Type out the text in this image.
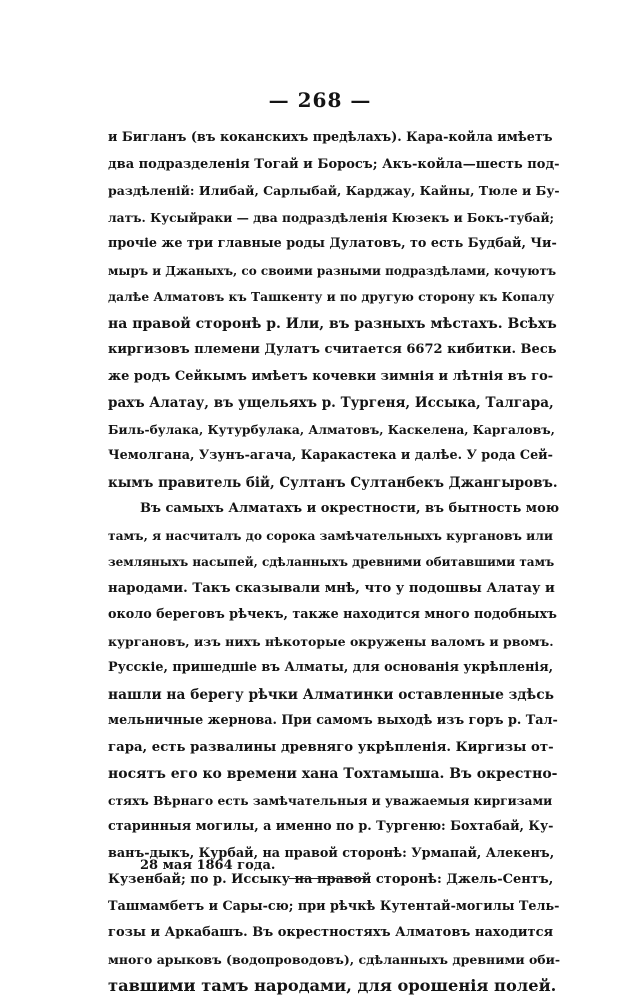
— 268 —
и Бигланъ (въ коканскихъ предѣлахъ). Кара-койла имѣетъ
два подразделенія Тогай и Боросъ; Акъ-койла—шесть под-
раздѣленій: Илибай, Сарлыбай, Карджау, Кайны, Тюле и Бу-
латъ. Кусыйраки — два подраздѣленія Кюзекъ и Бокъ-тубай;
прочіе же три главные роды Дулатовъ, то есть Будбай, Чи-
мыръ и Джаныхъ, со своими разными подраздѣлами, кочуютъ
далѣе Алматовъ къ Ташкенту и по другую сторону къ Копалу
на правой сторонѣ р. Или, въ разныхъ мѣстахъ. Всѣхъ
киргизовъ племени Дулатъ считается 6672 кибитки. Весь
же родъ Сейкымъ имѣетъ кочевки зимнія и лѣтнія въ го-
рахъ Алатау, въ ущельяхъ р. Тургеня, Иссыка, Талгара,
Биль-булака, Кутурбулака, Алматовъ, Каскелена, Каргаловъ,
Чемолгана, Узунъ-агача, Каракастека и далѣе. У рода Сей-
кымъ правитель бій, Султанъ Султанбекъ Джангыровъ.
Въ самыхъ Алматахъ и окрестности, въ бытность мою
тамъ, я насчиталъ до сорока замѣчательныхъ кургановъ или
земляныхъ насыпей, сдѣланныхъ древними обитавшими тамъ
народами. Такъ сказывали мнѣ, что у подошвы Алатау и
около береговъ рѣчекъ, также находится много подобныхъ
кургановъ, изъ нихъ нѣкоторые окружены валомъ и рвомъ.
Русскіе, пришедшіе въ Алматы, для основанія укрѣпленія,
нашли на берегу рѣчки Алматинки оставленные здѣсь
мельничные жернова. При самомъ выходѣ изъ горъ р. Тал-
гара, есть развалины древняго укрѣпленія. Киргизы от-
носятъ его ко времени хана Тохтамыша. Въ окрестно-
стяхъ Вѣрнаго есть замѣчательныя и уважаемыя киргизами
старинныя могилы, а именно по р. Тургеню: Бохтабай, Ку-
ванъ-дыкъ, Курбай, на правой сторонѣ: Урмапай, Алекенъ,
Кузенбай; по р. Иссыку на правой сторонѣ: Джель-Сентъ,
Ташмамбетъ и Сары-сю; при рѣчкѣ Кутентай-могилы Тель-
гозы и Аркабашъ. Въ окрестностяхъ Алматовъ находится
много арыковъ (водопроводовъ), сдѣланныхъ древними оби-
тавшими тамъ народами, для орошенія полей.
28 мая 1864 года.
